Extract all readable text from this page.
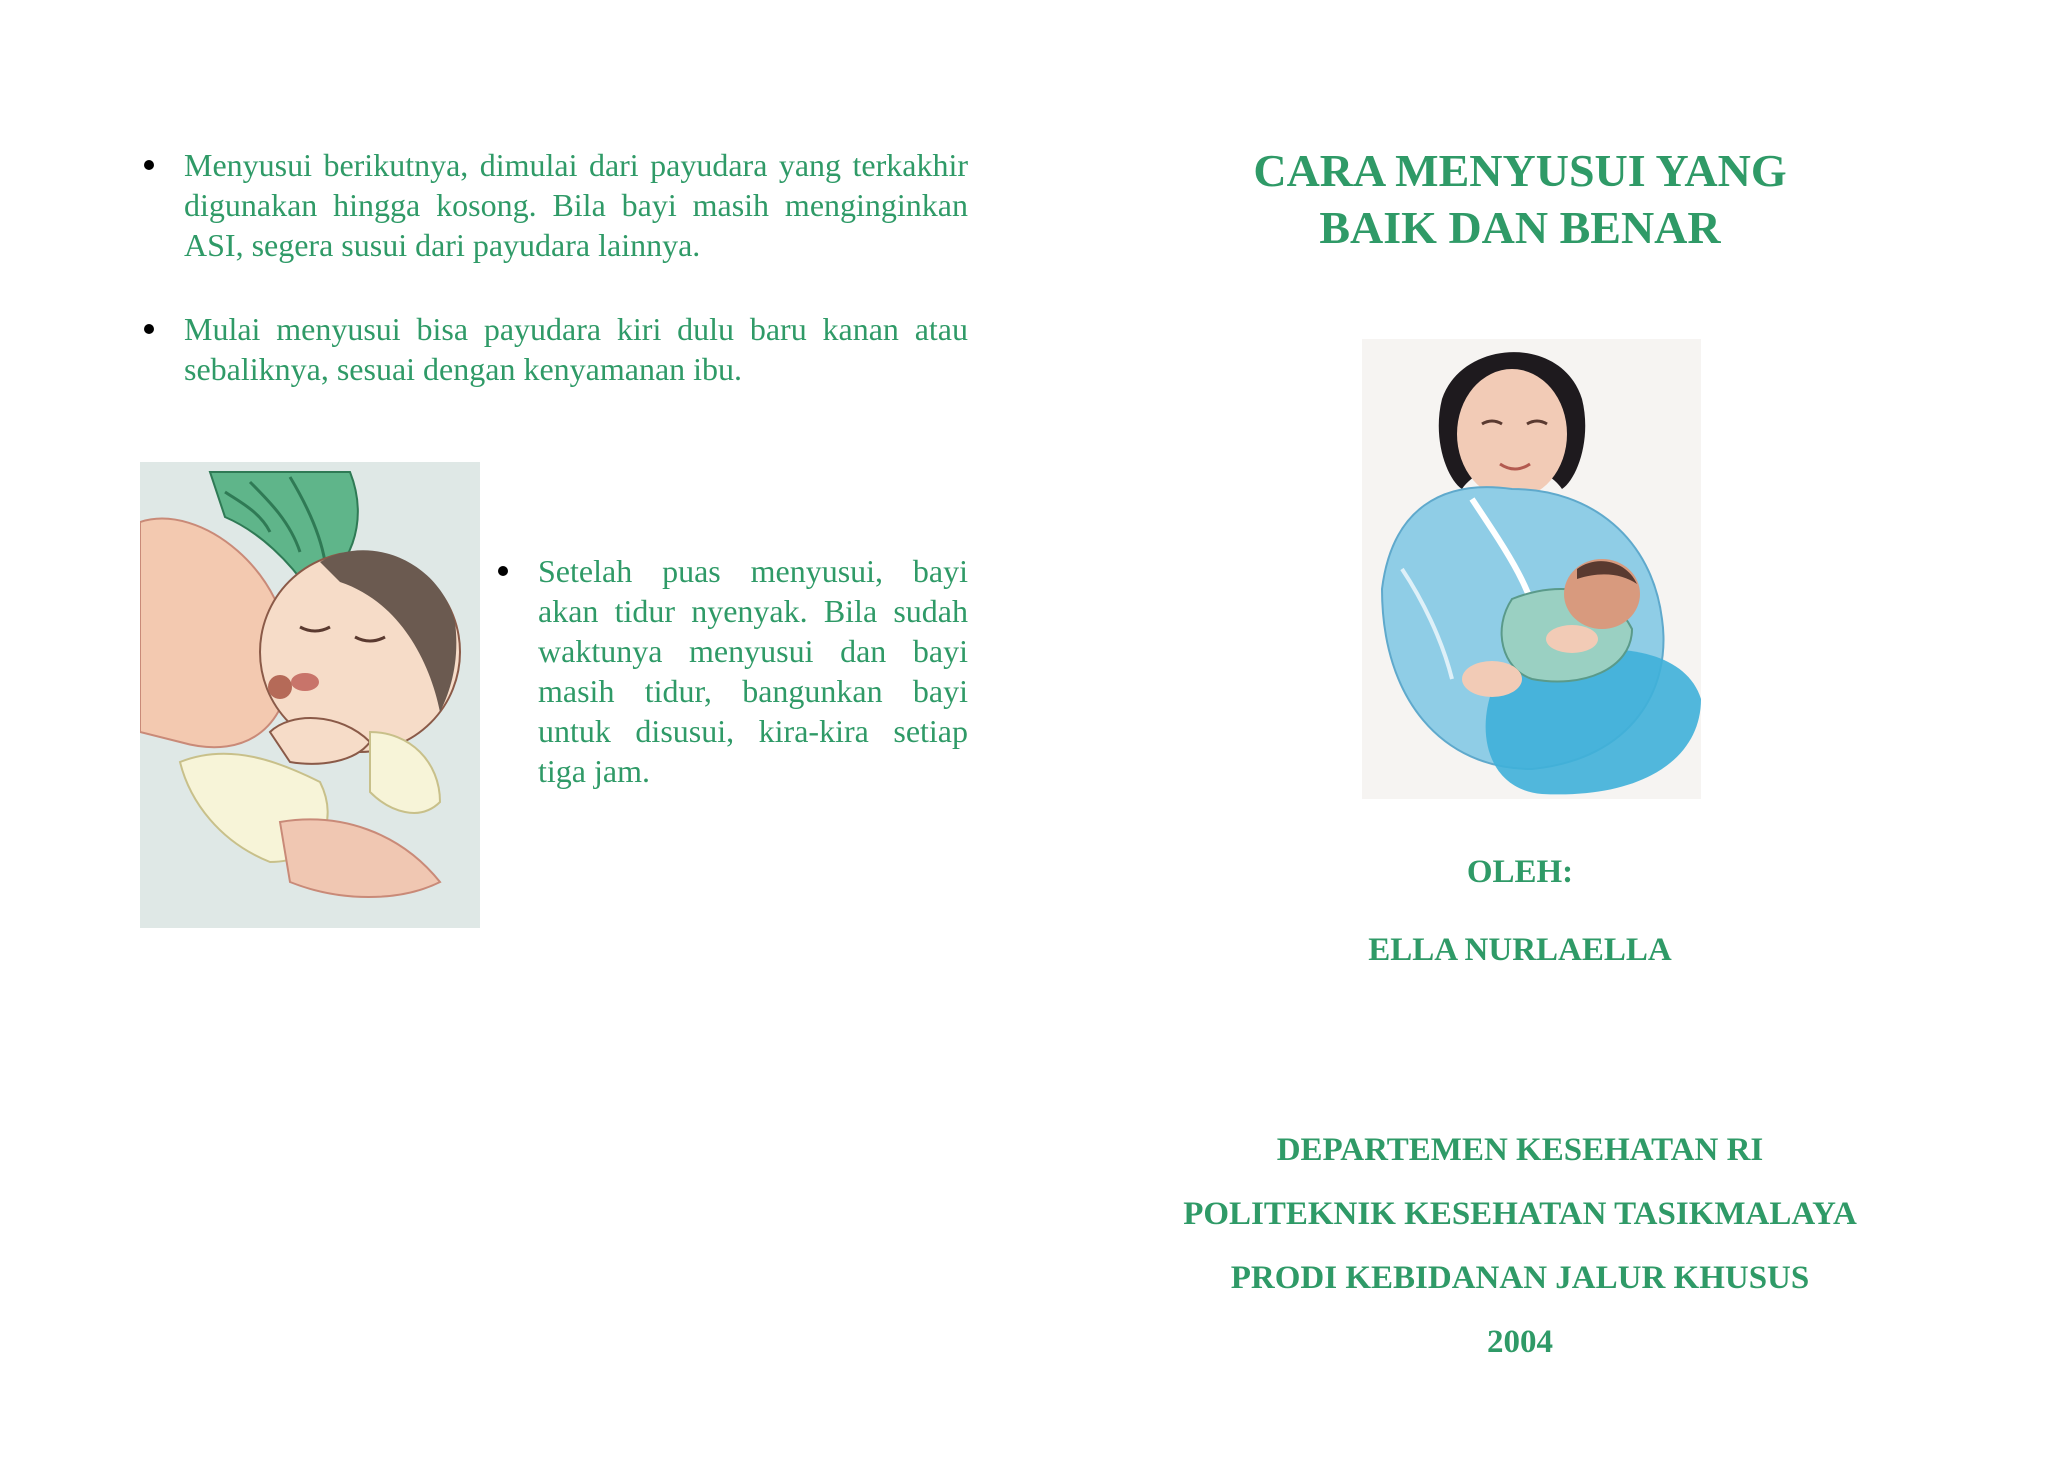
Menyusui berikutnya, dimulai dari payudara yang terkakhir digunakan hingga kosong. Bila bayi masih menginginkan ASI, segera susui dari payudara lainnya.
Mulai menyusui bisa payudara kiri dulu baru kanan atau sebaliknya, sesuai dengan kenyamanan ibu.
Setelah puas menyusui, bayi akan tidur nyenyak. Bila sudah waktunya menyusui dan bayi masih tidur, bangunkan bayi untuk disusui, kira-kira setiap tiga jam.
CARA MENYUSUI YANG
BAIK DAN BENAR
OLEH:
ELLA NURLAELLA
DEPARTEMEN KESEHATAN RI
POLITEKNIK KESEHATAN TASIKMALAYA
PRODI KEBIDANAN JALUR KHUSUS
2004
